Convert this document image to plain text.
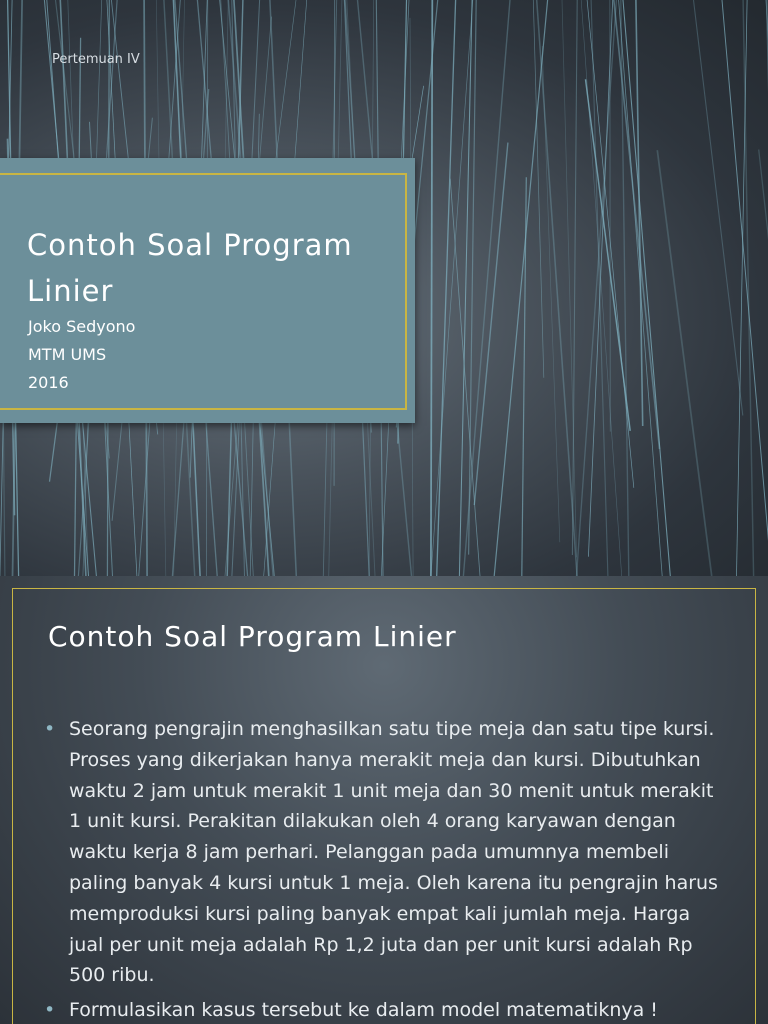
Pertemuan IV
Contoh Soal Program Linier
Joko Sedyono
MTM UMS
2016
Contoh Soal Program Linier
• Seorang pengrajin menghasilkan satu tipe meja dan satu tipe kursi. Proses yang dikerjakan hanya merakit meja dan kursi. Dibutuhkan waktu 2 jam untuk merakit 1 unit meja dan 30 menit untuk merakit 1 unit kursi. Perakitan dilakukan oleh 4 orang karyawan dengan waktu kerja 8 jam perhari. Pelanggan pada umumnya membeli paling banyak 4 kursi untuk 1 meja. Oleh karena itu pengrajin harus memproduksi kursi paling banyak empat kali jumlah meja. Harga jual per unit meja adalah Rp 1,2 juta dan per unit kursi adalah Rp 500 ribu.
• Formulasikan kasus tersebut ke dalam model matematiknya !
